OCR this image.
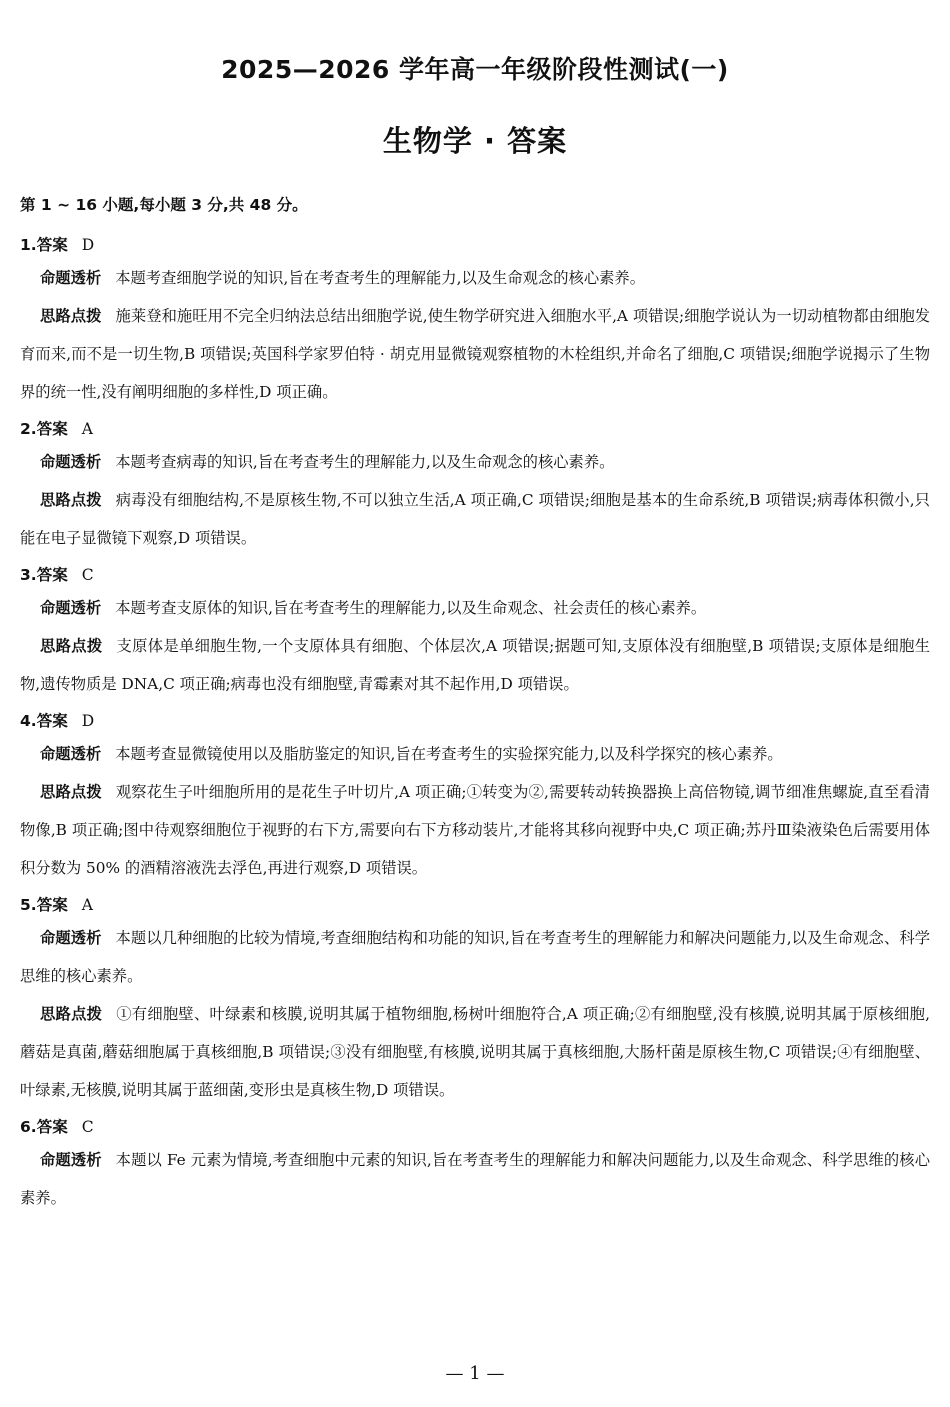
2025—2026 学年高一年级阶段性测试(一)
生物学 · 答案
第 1 ~ 16 小题,每小题 3 分,共 48 分。
1.答案 D

命题透析 本题考查细胞学说的知识,旨在考查考生的理解能力,以及生命观念的核心素养。

思路点拨 施莱登和施旺用不完全归纳法总结出细胞学说,使生物学研究进入细胞水平,A 项错误;细胞学说认为一切动植物都由细胞发育而来,而不是一切生物,B 项错误;英国科学家罗伯特 · 胡克用显微镜观察植物的木栓组织,并命名了细胞,C 项错误;细胞学说揭示了生物界的统一性,没有阐明细胞的多样性,D 项正确。

2.答案 A

命题透析 本题考查病毒的知识,旨在考查考生的理解能力,以及生命观念的核心素养。

思路点拨 病毒没有细胞结构,不是原核生物,不可以独立生活,A 项正确,C 项错误;细胞是基本的生命系统,B 项错误;病毒体积微小,只能在电子显微镜下观察,D 项错误。

3.答案 C

命题透析 本题考查支原体的知识,旨在考查考生的理解能力,以及生命观念、社会责任的核心素养。

思路点拨 支原体是单细胞生物,一个支原体具有细胞、个体层次,A 项错误;据题可知,支原体没有细胞壁,B 项错误;支原体是细胞生物,遗传物质是 DNA,C 项正确;病毒也没有细胞壁,青霉素对其不起作用,D 项错误。

4.答案 D

命题透析 本题考查显微镜使用以及脂肪鉴定的知识,旨在考查考生的实验探究能力,以及科学探究的核心素养。

思路点拨 观察花生子叶细胞所用的是花生子叶切片,A 项正确;①转变为②,需要转动转换器换上高倍物镜,调节细准焦螺旋,直至看清物像,B 项正确;图中待观察细胞位于视野的右下方,需要向右下方移动装片,才能将其移向视野中央,C 项正确;苏丹Ⅲ染液染色后需要用体积分数为 50% 的酒精溶液洗去浮色,再进行观察,D 项错误。

5.答案 A

命题透析 本题以几种细胞的比较为情境,考查细胞结构和功能的知识,旨在考查考生的理解能力和解决问题能力,以及生命观念、科学思维的核心素养。

思路点拨 ①有细胞壁、叶绿素和核膜,说明其属于植物细胞,杨树叶细胞符合,A 项正确;②有细胞壁,没有核膜,说明其属于原核细胞,蘑菇是真菌,蘑菇细胞属于真核细胞,B 项错误;③没有细胞壁,有核膜,说明其属于真核细胞,大肠杆菌是原核生物,C 项错误;④有细胞壁、叶绿素,无核膜,说明其属于蓝细菌,变形虫是真核生物,D 项错误。

6.答案 C

命题透析 本题以 Fe 元素为情境,考查细胞中元素的知识,旨在考查考生的理解能力和解决问题能力,以及生命观念、科学思维的核心素养。

— 1 —
